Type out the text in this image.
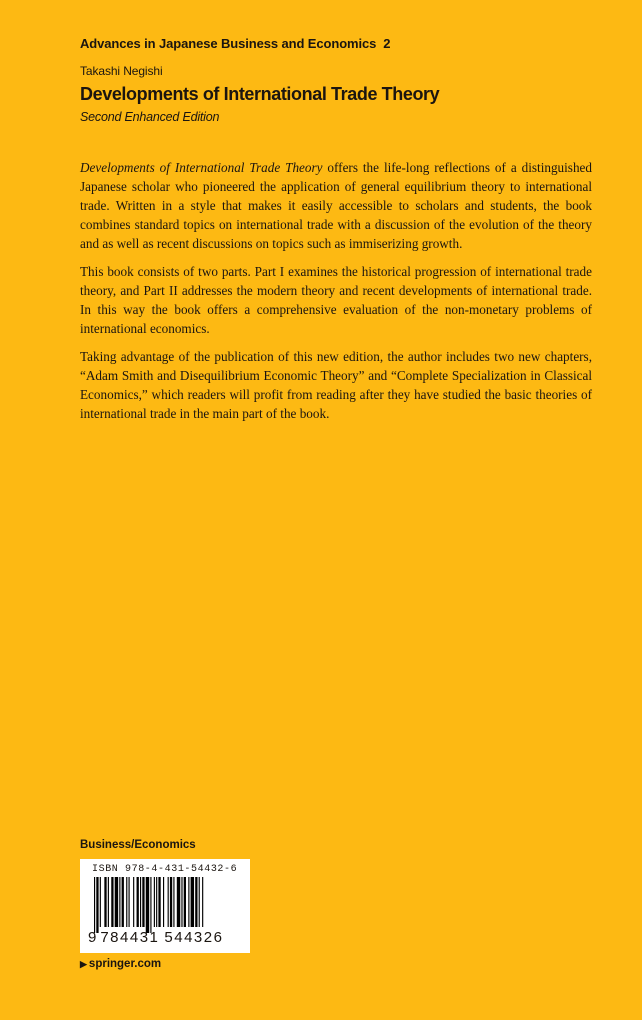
Advances in Japanese Business and Economics 2
Takashi Negishi
Developments of International Trade Theory
Second Enhanced Edition

Developments of International Trade Theory offers the life-long reflections of a distinguished Japanese scholar who pioneered the application of general equilibrium theory to international trade. Written in a style that makes it easily accessible to scholars and students, the book combines standard topics on international trade with a discussion of the evolution of the theory and as well as recent discussions on topics such as immiserizing growth.

This book consists of two parts. Part I examines the historical progression of international trade theory, and Part II addresses the modern theory and recent developments of international trade. In this way the book offers a comprehensive evaluation of the non-monetary problems of international economics.

Taking advantage of the publication of this new edition, the author includes two new chapters, “Adam Smith and Disequilibrium Economic Theory” and “Complete Specialization in Classical Economics,” which readers will profit from reading after they have studied the basic theories of international trade in the main part of the book.

Business/Economics
ISBN 978-4-431-54432-6
9 784431 544326
▶ springer.com
